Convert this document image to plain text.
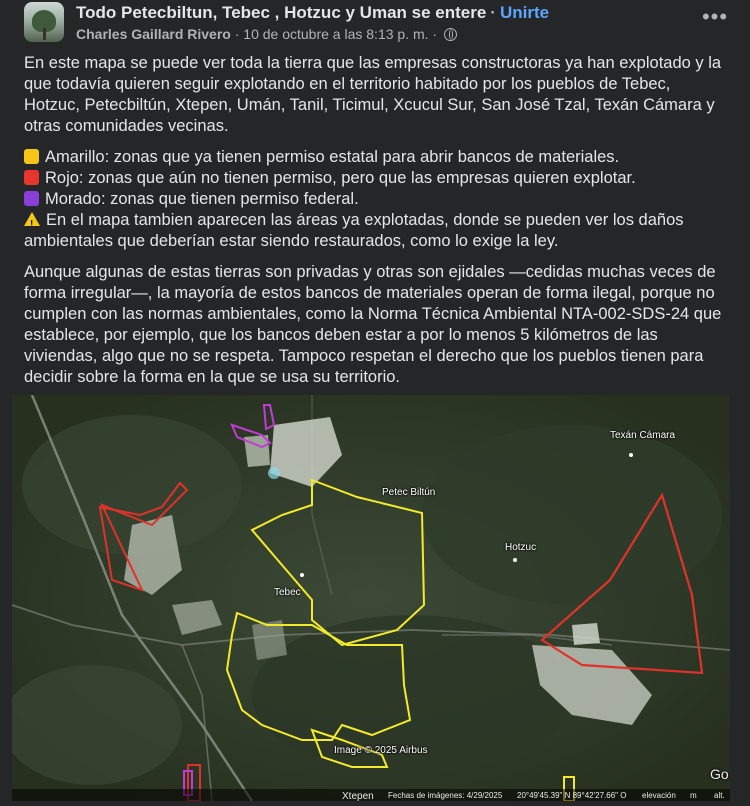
Todo Petecbiltun, Tebec , Hotzuc y Uman se entere · Unirte
Charles Gaillard Rivero · 10 de octubre a las 8:13 p. m. ·
•••

En este mapa se puede ver toda la tierra que las empresas constructoras ya han explotado y la que todavía quieren seguir explotando en el territorio habitado por los pueblos de Tebec, Hotzuc, Petecbiltún, Xtepen, Umán, Tanil, Ticimul, Xcucul Sur, San José Tzal, Texán Cámara y otras comunidades vecinas.

Amarillo: zonas que ya tienen permiso estatal para abrir bancos de materiales.
Rojo: zonas que aún no tienen permiso, pero que las empresas quieren explotar.
Morado: zonas que tienen permiso federal.
!En el mapa tambien aparecen las áreas ya explotadas, donde se pueden ver los daños ambientales que deberían estar siendo restaurados, como lo exige la ley.

Aunque algunas de estas tierras son privadas y otras son ejidales —cedidas muchas veces de forma irregular—, la mayoría de estos bancos de materiales operan de forma ilegal, porque no cumplen con las normas ambientales, como la Norma Técnica Ambiental NTA-002-SDS-24 que establece, por ejemplo, que los bancos deben estar a por lo menos 5 kilómetros de las viviendas, algo que no se respeta. Tampoco respetan el derecho que los pueblos tienen para decidir sobre la forma en la que se usa su territorio.

Texán Cámara
Petec Biltún
Hotzuc
Tebec
Image © 2025 Airbus
Go
Xtepen Fechas de imágenes: 4/29/2025 20°49'45.39" N 89°42'27.66" O elevación m alt.
